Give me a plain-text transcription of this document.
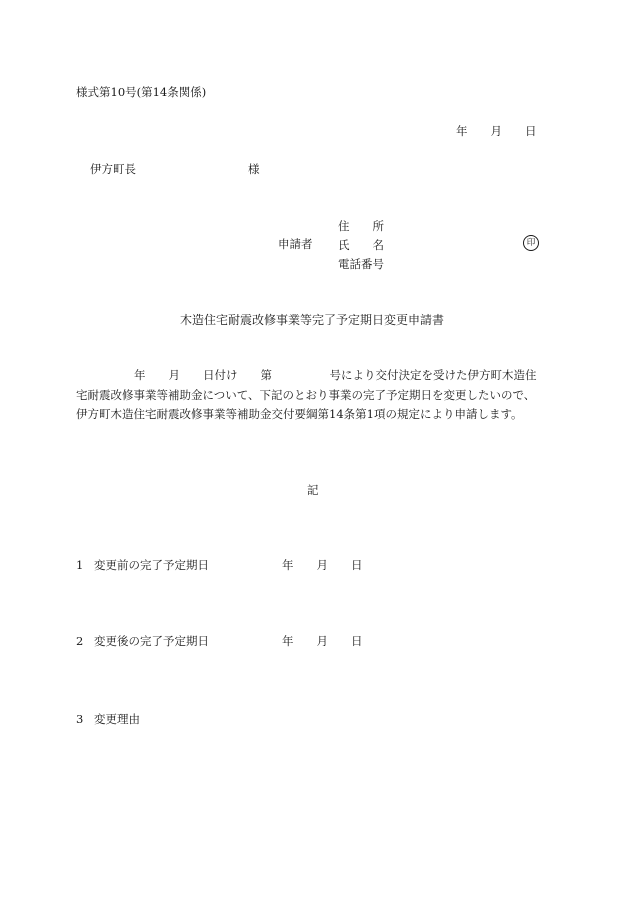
様式第10号(第14条関係)
年　　月　　日
伊方町長	様
申請者
住　　所
氏　　名
電話番号
印
木造住宅耐震改修事業等完了予定期日変更申請書
年　　月　　日付け　　第　　　　　号により交付決定を受けた伊方町木造住
宅耐震改修事業等補助金について、下記のとおり事業の完了予定期日を変更したいので、
伊方町木造住宅耐震改修事業等補助金交付要綱第14条第1項の規定により申請します。
記
1 変更前の完了予定期日	年　　月　　日
2 変更後の完了予定期日	年　　月　　日
3 変更理由
